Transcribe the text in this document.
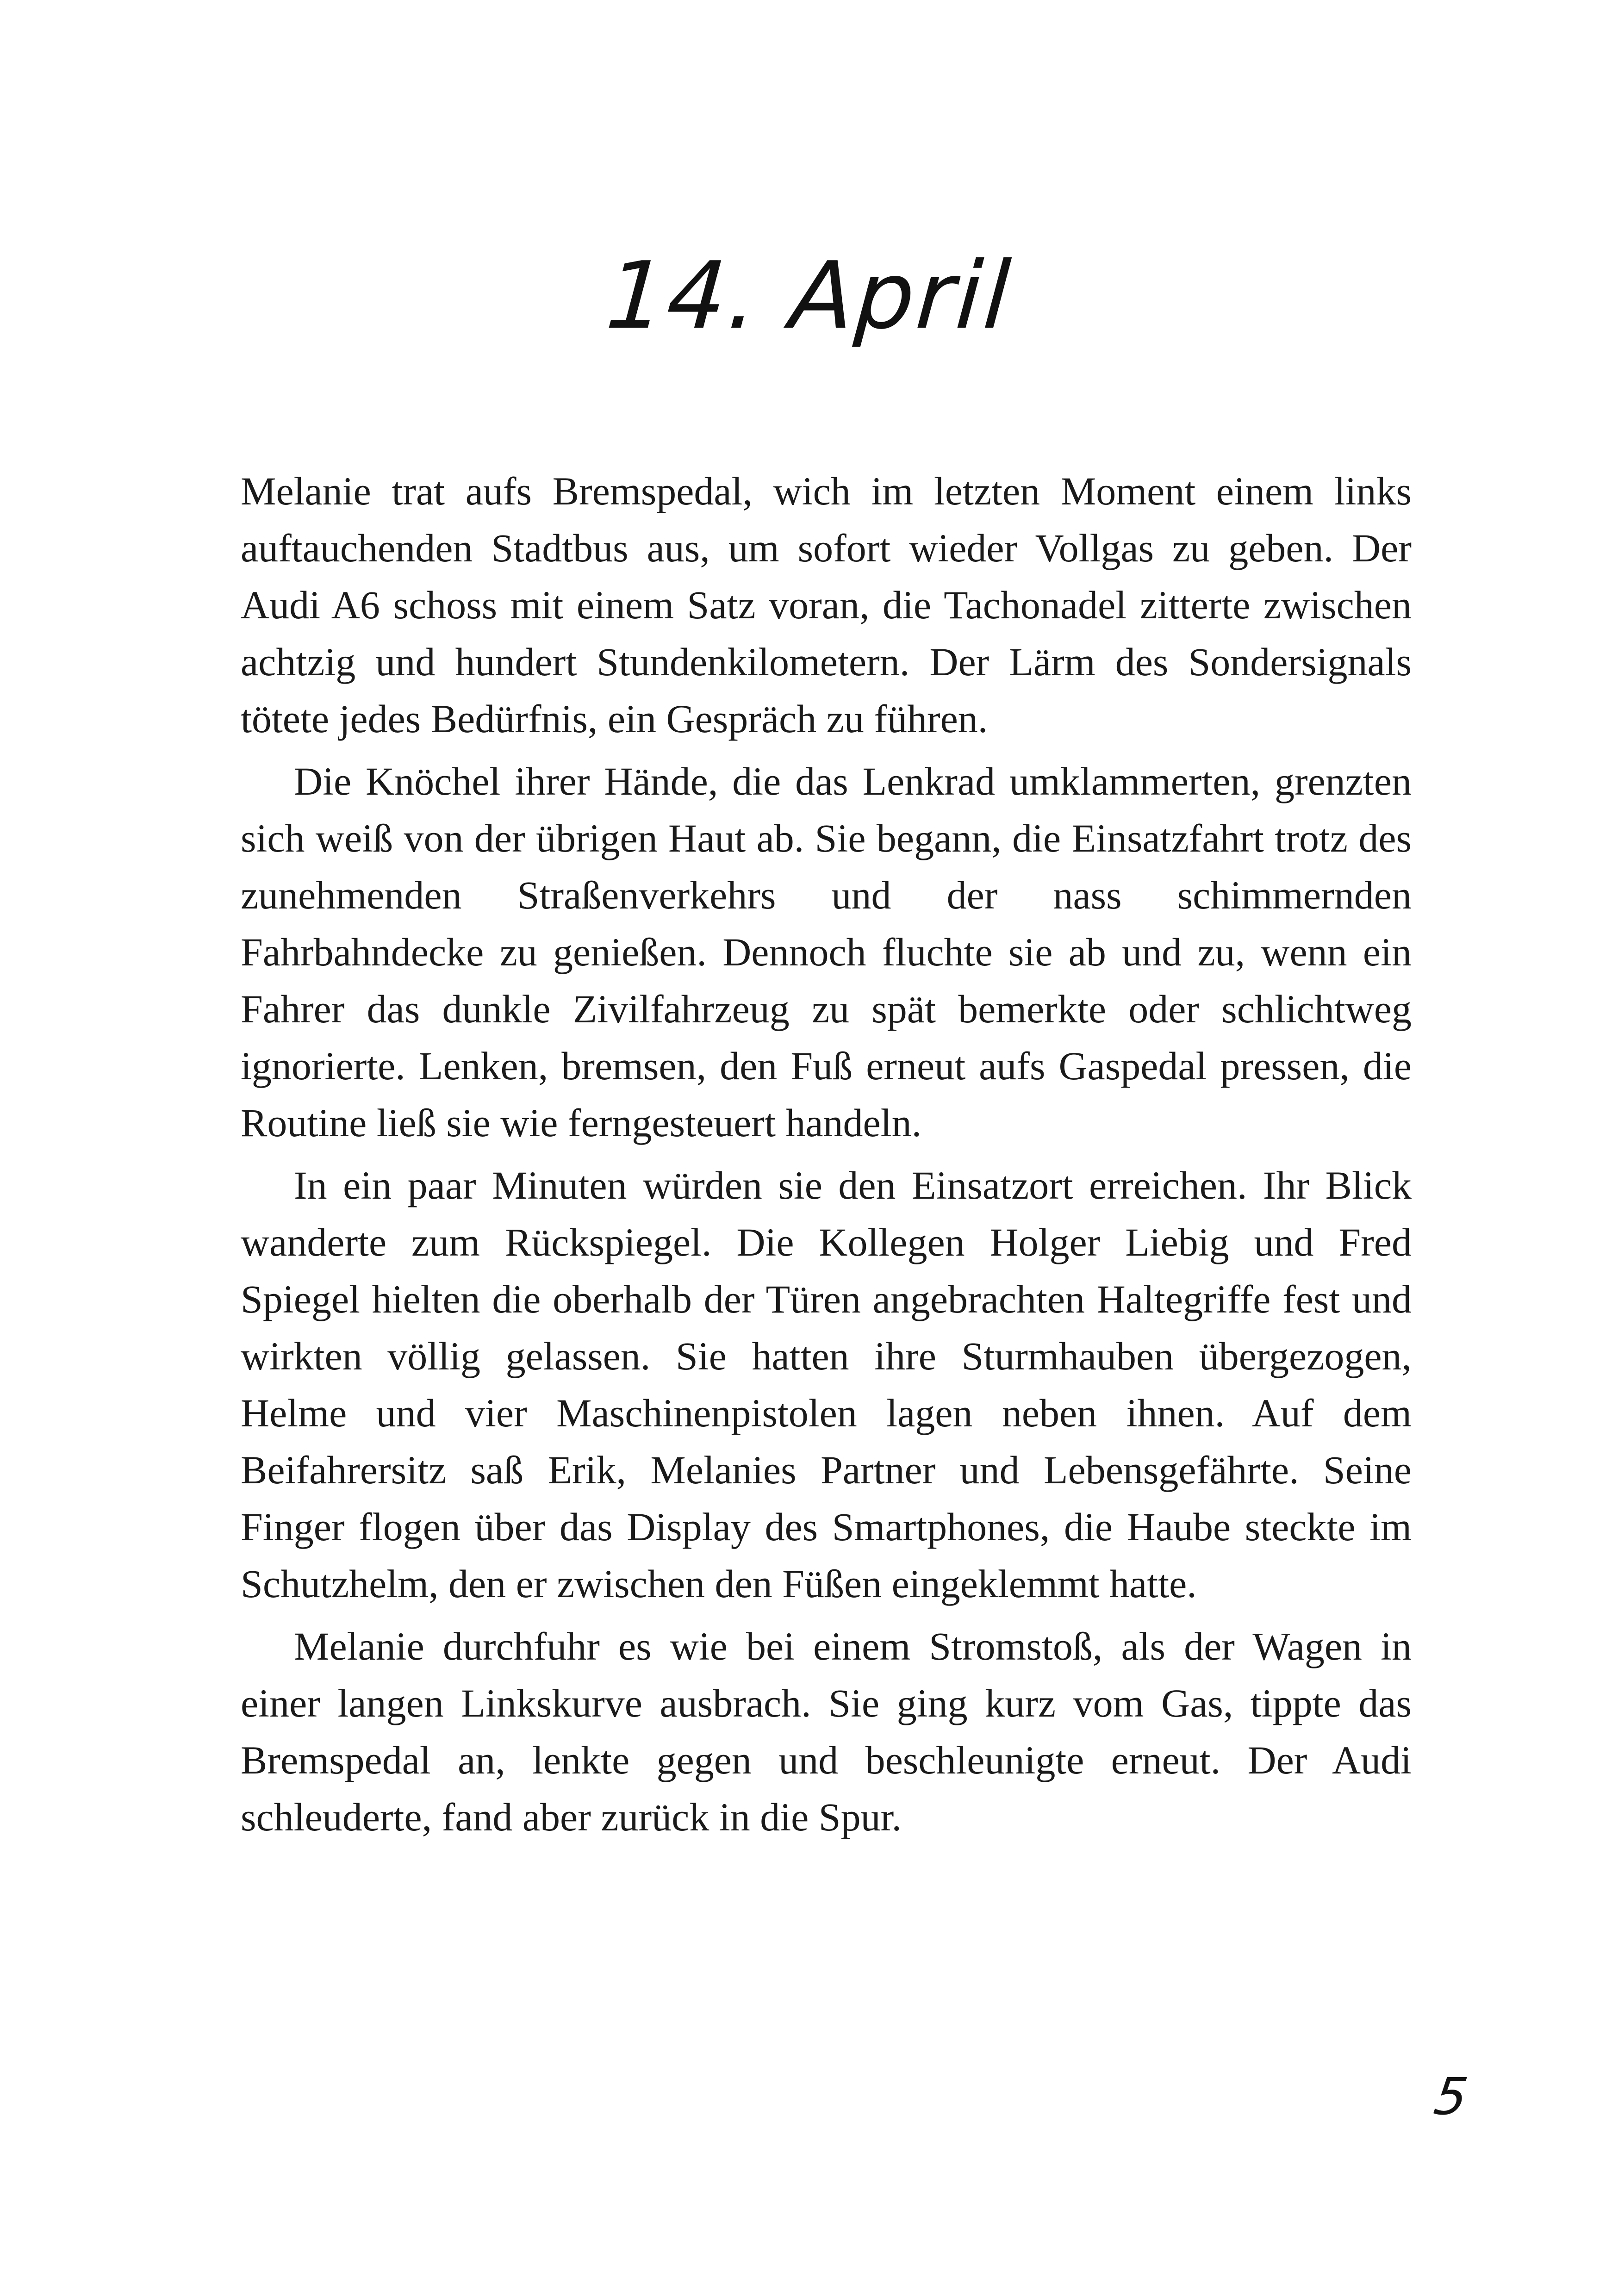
14. April

Melanie trat aufs Bremspedal, wich im letzten Moment einem links auftauchenden Stadtbus aus, um sofort wieder Vollgas zu geben. Der Audi A6 schoss mit einem Satz voran, die Tachonadel zitterte zwischen achtzig und hundert Stundenkilometern. Der Lärm des Sondersignals tötete jedes Bedürfnis, ein Gespräch zu führen.

Die Knöchel ihrer Hände, die das Lenkrad umklammerten, grenzten sich weiß von der übrigen Haut ab. Sie begann, die Einsatzfahrt trotz des zunehmenden Straßenverkehrs und der nass schimmernden Fahrbahndecke zu genießen. Dennoch fluchte sie ab und zu, wenn ein Fahrer das dunkle Zivilfahrzeug zu spät bemerkte oder schlichtweg ignorierte. Lenken, bremsen, den Fuß erneut aufs Gaspedal pressen, die Routine ließ sie wie ferngesteuert handeln.

In ein paar Minuten würden sie den Einsatzort erreichen. Ihr Blick wanderte zum Rückspiegel. Die Kollegen Holger Liebig und Fred Spiegel hielten die oberhalb der Türen angebrachten Haltegriffe fest und wirkten völlig gelassen. Sie hatten ihre Sturmhauben übergezogen, Helme und vier Maschinenpistolen lagen neben ihnen. Auf dem Beifahrersitz saß Erik, Melanies Partner und Lebensgefährte. Seine Finger flogen über das Display des Smartphones, die Haube steckte im Schutzhelm, den er zwischen den Füßen eingeklemmt hatte.

Melanie durchfuhr es wie bei einem Stromstoß, als der Wagen in einer langen Linkskurve ausbrach. Sie ging kurz vom Gas, tippte das Bremspedal an, lenkte gegen und beschleunigte erneut. Der Audi schleuderte, fand aber zurück in die Spur.

5
